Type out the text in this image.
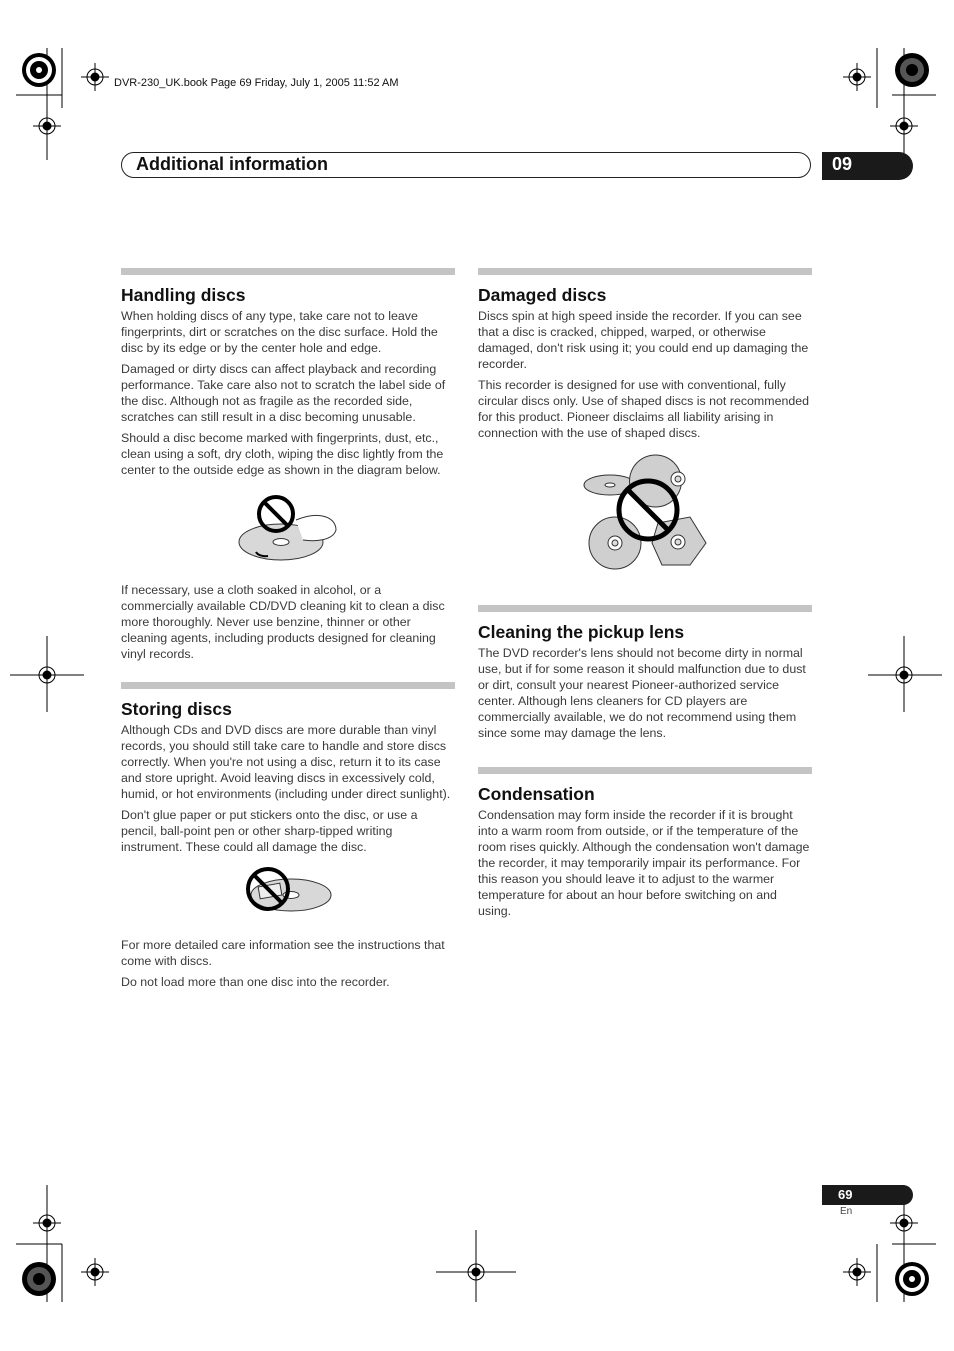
DVR-230_UK.book Page 69 Friday, July 1, 2005 11:52 AM
Additional information	09
Handling discs

When holding discs of any type, take care not to leave fingerprints, dirt or scratches on the disc surface. Hold the disc by its edge or by the center hole and edge.

Damaged or dirty discs can affect playback and recording performance. Take care also not to scratch the label side of the disc. Although not as fragile as the recorded side, scratches can still result in a disc becoming unusable.

Should a disc become marked with fingerprints, dust, etc., clean using a soft, dry cloth, wiping the disc lightly from the center to the outside edge as shown in the diagram below.

If necessary, use a cloth soaked in alcohol, or a commercially available CD/DVD cleaning kit to clean a disc more thoroughly. Never use benzine, thinner or other cleaning agents, including products designed for cleaning vinyl records.

Storing discs

Although CDs and DVD discs are more durable than vinyl records, you should still take care to handle and store discs correctly. When you're not using a disc, return it to its case and store upright. Avoid leaving discs in excessively cold, humid, or hot environments (including under direct sunlight).

Don't glue paper or put stickers onto the disc, or use a pencil, ball-point pen or other sharp-tipped writing instrument. These could all damage the disc.

For more detailed care information see the instructions that come with discs.

Do not load more than one disc into the recorder.

Damaged discs

Discs spin at high speed inside the recorder. If you can see that a disc is cracked, chipped, warped, or otherwise damaged, don't risk using it; you could end up damaging the recorder.

This recorder is designed for use with conventional, fully circular discs only. Use of shaped discs is not recommended for this product. Pioneer disclaims all liability arising in connection with the use of shaped discs.

Cleaning the pickup lens

The DVD recorder's lens should not become dirty in normal use, but if for some reason it should malfunction due to dust or dirt, consult your nearest Pioneer-authorized service center. Although lens cleaners for CD players are commercially available, we do not recommend using them since some may damage the lens.

Condensation

Condensation may form inside the recorder if it is brought into a warm room from outside, or if the temperature of the room rises quickly. Although the condensation won't damage the recorder, it may temporarily impair its performance. For this reason you should leave it to adjust to the warmer temperature for about an hour before switching on and using.

69
En
